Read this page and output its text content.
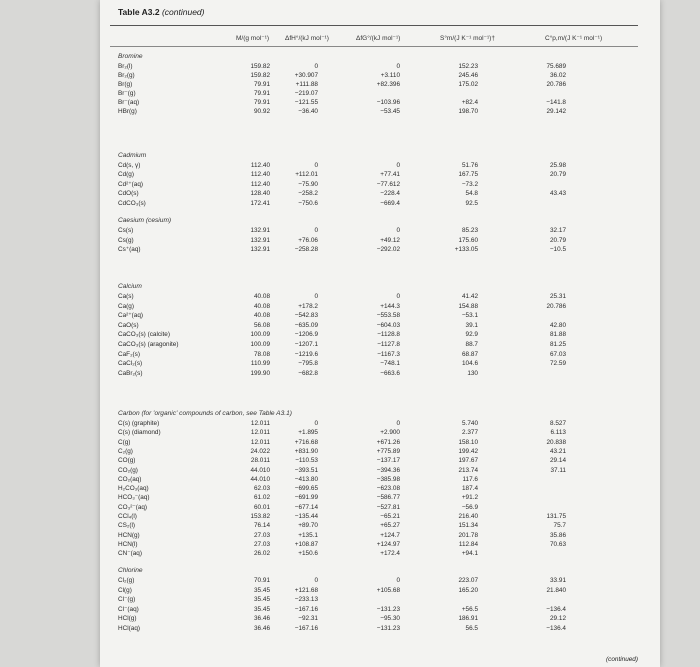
Table A3.2 (continued)
M/(g mol⁻¹) ΔfH°/(kJ mol⁻¹)	ΔfG°/(kJ mol⁻¹)	S°m/(J K⁻¹ mol⁻¹)†	C°p,m/(J K⁻¹ mol⁻¹)
Bromine
Br₂(l)	159.82	0	0	152.23	75.689
Br₂(g)	159.82	+30.907	+3.110	245.46	36.02
Br(g)	79.91	+111.88	+82.396	175.02	20.786
Br⁻(g)	79.91	−219.07
Br⁻(aq)	79.91	−121.55	−103.96	+82.4	−141.8
HBr(g)	90.92	−36.40	−53.45	198.70	29.142
Cadmium
Cd(s, γ)	112.40	0	0	51.76	25.98
Cd(g)	112.40	+112.01	+77.41	167.75	20.79
Cd²⁺(aq)	112.40	−75.90	−77.612	−73.2
CdO(s)	128.40	−258.2	−228.4	54.8	43.43
CdCO₃(s)	172.41	−750.6	−669.4	92.5
Caesium (cesium)
Cs(s)	132.91	0	0	85.23	32.17
Cs(g)	132.91	+76.06	+49.12	175.60	20.79
Cs⁺(aq)	132.91	−258.28	−292.02	+133.05	−10.5
Calcium
Ca(s)	40.08	0	0	41.42	25.31
Ca(g)	40.08	+178.2	+144.3	154.88	20.786
Ca²⁺(aq)	40.08	−542.83	−553.58	−53.1
CaO(s)	56.08	−635.09	−604.03	39.1	42.80
CaCO₃(s) (calcite)	100.09	−1206.9	−1128.8	92.9	81.88
CaCO₃(s) (aragonite)	100.09	−1207.1	−1127.8	88.7	81.25
CaF₂(s)	78.08	−1219.6	−1167.3	68.87	67.03
CaCl₂(s)	110.99	−795.8	−748.1	104.6	72.59
CaBr₂(s)	199.90	−682.8	−663.6	130
Carbon (for 'organic' compounds of carbon, see Table A3.1)
C(s) (graphite)	12.011	0	0	5.740	8.527
C(s) (diamond)	12.011	+1.895	+2.900	2.377	6.113
C(g)	12.011	+716.68	+671.26	158.10	20.838
C₂(g)	24.022	+831.90	+775.89	199.42	43.21
CO(g)	28.011	−110.53	−137.17	197.67	29.14
CO₂(g)	44.010	−393.51	−394.36	213.74	37.11
CO₂(aq)	44.010	−413.80	−385.98	117.6
H₂CO₃(aq)	62.03	−699.65	−623.08	187.4
HCO₃⁻(aq)	61.02	−691.99	−586.77	+91.2
CO₃²⁻(aq)	60.01	−677.14	−527.81	−56.9
CCl₄(l)	153.82	−135.44	−65.21	216.40	131.75
CS₂(l)	76.14	+89.70	+65.27	151.34	75.7
HCN(g)	27.03	+135.1	+124.7	201.78	35.86
HCN(l)	27.03	+108.87	+124.97	112.84	70.63
CN⁻(aq)	26.02	+150.6	+172.4	+94.1
Chlorine
Cl₂(g)	70.91	0	0	223.07	33.91
Cl(g)	35.45	+121.68	+105.68	165.20	21.840
Cl⁻(g)	35.45	−233.13
Cl⁻(aq)	35.45	−167.16	−131.23	+56.5	−136.4
HCl(g)	36.46	−92.31	−95.30	186.91	29.12
HCl(aq)	36.46	−167.16	−131.23	56.5	−136.4
(continued)
